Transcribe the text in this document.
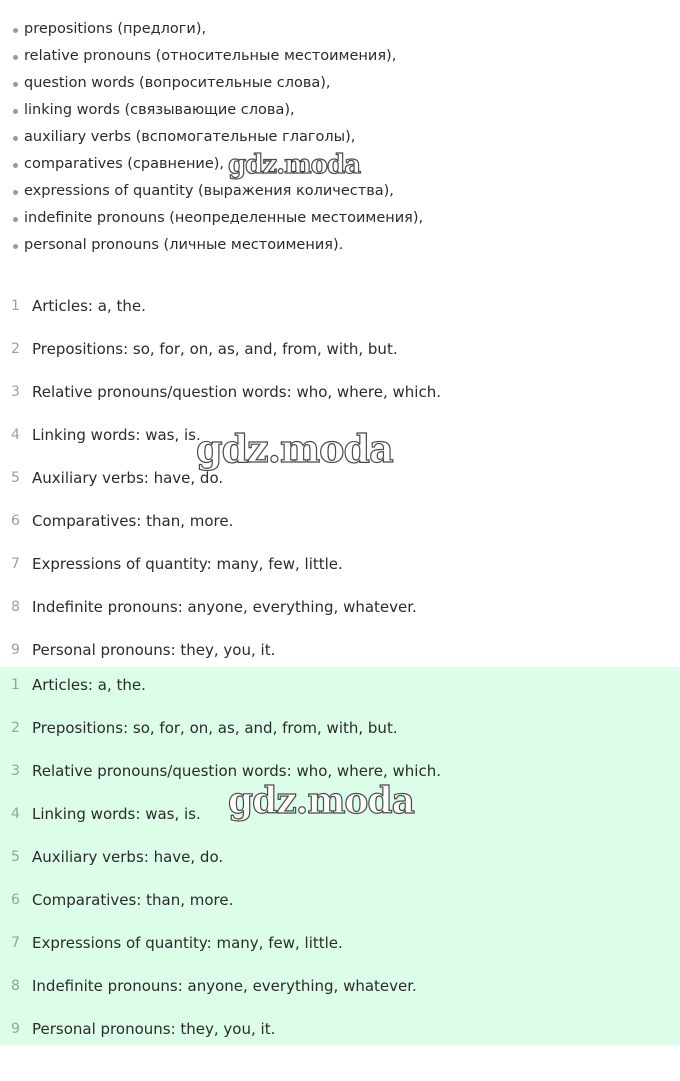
prepositions (предлоги),
relative pronouns (относительные местоимения),
question words (вопросительные слова),
linking words (связывающие слова),
auxiliary verbs (вспомогательные глаголы),
comparatives (сравнение),
expressions of quantity (выражения количества),
indefinite pronouns (неопределенные местоимения),
personal pronouns (личные местоимения).
1 Articles: a, the.
2 Prepositions: so, for, on, as, and, from, with, but.
3 Relative pronouns/question words: who, where, which.
4 Linking words: was, is.
5 Auxiliary verbs: have, do.
6 Comparatives: than, more.
7 Expressions of quantity: many, few, little.
8 Indefinite pronouns: anyone, everything, whatever.
9 Personal pronouns: they, you, it.
1 Articles: a, the.
2 Prepositions: so, for, on, as, and, from, with, but.
3 Relative pronouns/question words: who, where, which.
4 Linking words: was, is.
5 Auxiliary verbs: have, do.
6 Comparatives: than, more.
7 Expressions of quantity: many, few, little.
8 Indefinite pronouns: anyone, everything, whatever.
9 Personal pronouns: they, you, it.
gdz.moda
gdz.moda
gdz.moda
